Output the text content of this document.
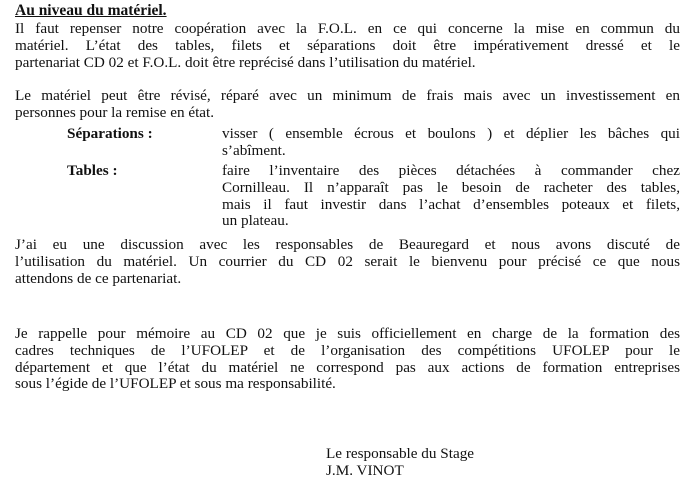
Au niveau du matériel.
Il faut repenser notre coopération avec la F.O.L. en ce qui concerne la mise en commun du
matériel. L’état des tables, filets et séparations doit être impérativement dressé et le
partenariat CD 02 et F.O.L. doit être reprécisé dans l’utilisation du matériel.
Le matériel peut être révisé, réparé avec un minimum de frais mais avec un investissement en
personnes pour la remise en état.
Séparations :	visser ( ensemble écrous et boulons ) et déplier les bâches qui
s’abîment.
Tables :	faire l’inventaire des pièces détachées à commander chez
Cornilleau. Il n’apparaît pas le besoin de racheter des tables,
mais il faut investir dans l’achat d’ensembles poteaux et filets,
un plateau.
J’ai eu une discussion avec les responsables de Beauregard et nous avons discuté de
l’utilisation du matériel. Un courrier du CD 02 serait le bienvenu pour précisé ce que nous
attendons de ce partenariat.
Je rappelle pour mémoire au CD 02 que je suis officiellement en charge de la formation des
cadres techniques de l’UFOLEP et de l’organisation des compétitions UFOLEP pour le
département et que l’état du matériel ne correspond pas aux actions de formation entreprises
sous l’égide de l’UFOLEP et sous ma responsabilité.
Le responsable du Stage
J.M. VINOT
